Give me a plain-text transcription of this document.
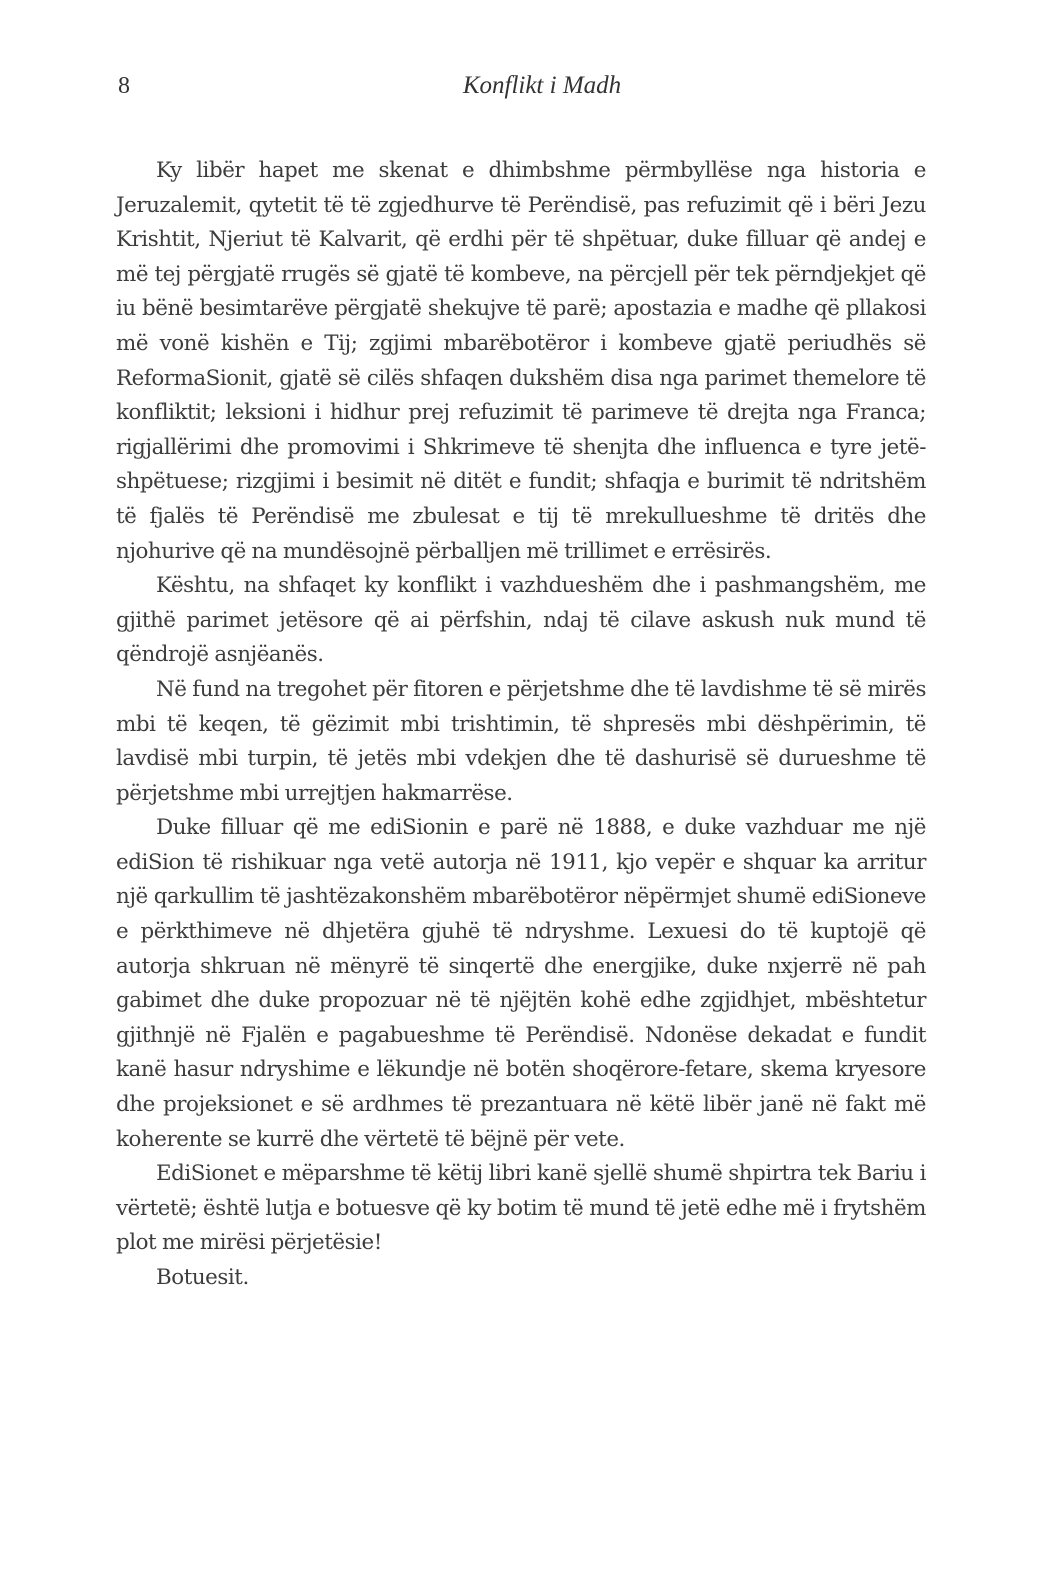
8	Konflikt i Madh

Ky libër hapet me skenat e dhimbshme përmbyllëse nga historia e Jeruzalemit, qytetit të të zgjedhurve të Perëndisë, pas refuzimit që i bëri Jezu Krishtit, Njeriut të Kalvarit, që erdhi për të shpëtuar, duke filluar që andej e më tej përgjatë rrugës së gjatë të kombeve, na përcjell për tek përndjekjet që iu bënë besimtarëve përgjatë shekujve të parë; apostazia e madhe që pllakosi më vonë kishën e Tij; zgjimi mbarëbotëror i kombeve gjatë periudhës së ReformaSionit, gjatë së cilës shfaqen dukshëm disa nga parimet themelore të konfliktit; leksioni i hidhur prej refuzimit të parimeve të drejta nga Franca; rigjallërimi dhe promovimi i Shkrimeve të shenjta dhe influenca e tyre jetë-shpëtuese; rizgjimi i besimit në ditët e fundit; shfaqja e burimit të ndritshëm të fjalës të Perëndisë me zbulesat e tij të mrekullueshme të dritës dhe njohurive që na mundësojnë përballjen më trillimet e errësirës.

Kështu, na shfaqet ky konflikt i vazhdueshëm dhe i pashmangshëm, me gjithë parimet jetësore që ai përfshin, ndaj të cilave askush nuk mund të qëndrojë asnjëanës.

Në fund na tregohet për fitoren e përjetshme dhe të lavdishme të së mirës mbi të keqen, të gëzimit mbi trishtimin, të shpresës mbi dëshpërimin, të lavdisë mbi turpin, të jetës mbi vdekjen dhe të dashurisë së durueshme të përjetshme mbi urrejtjen hakmarrëse.

Duke filluar që me ediSionin e parë në 1888, e duke vazhduar me një ediSion të rishikuar nga vetë autorja në 1911, kjo vepër e shquar ka arritur një qarkullim të jashtëzakonshëm mbarëbotëror nëpërmjet shumë ediSioneve e përkthimeve në dhjetëra gjuhë të ndryshme. Lexuesi do të kuptojë që autorja shkruan në mënyrë të sinqertë dhe energjike, duke nxjerrë në pah gabimet dhe duke propozuar në të njëjtën kohë edhe zgjidhjet, mbështetur gjithnjë në Fjalën e pagabueshme të Perëndisë. Ndonëse dekadat e fundit kanë hasur ndryshime e lëkundje në botën shoqërore-fetare, skema kryesore dhe projeksionet e së ardhmes të prezantuara në këtë libër janë në fakt më koherente se kurrë dhe vërtetë të bëjnë për vete.

EdiSionet e mëparshme të këtij libri kanë sjellë shumë shpirtra tek Bariu i vërtetë; është lutja e botuesve që ky botim të mund të jetë edhe më i frytshëm plot me mirësi përjetësie!

Botuesit.
